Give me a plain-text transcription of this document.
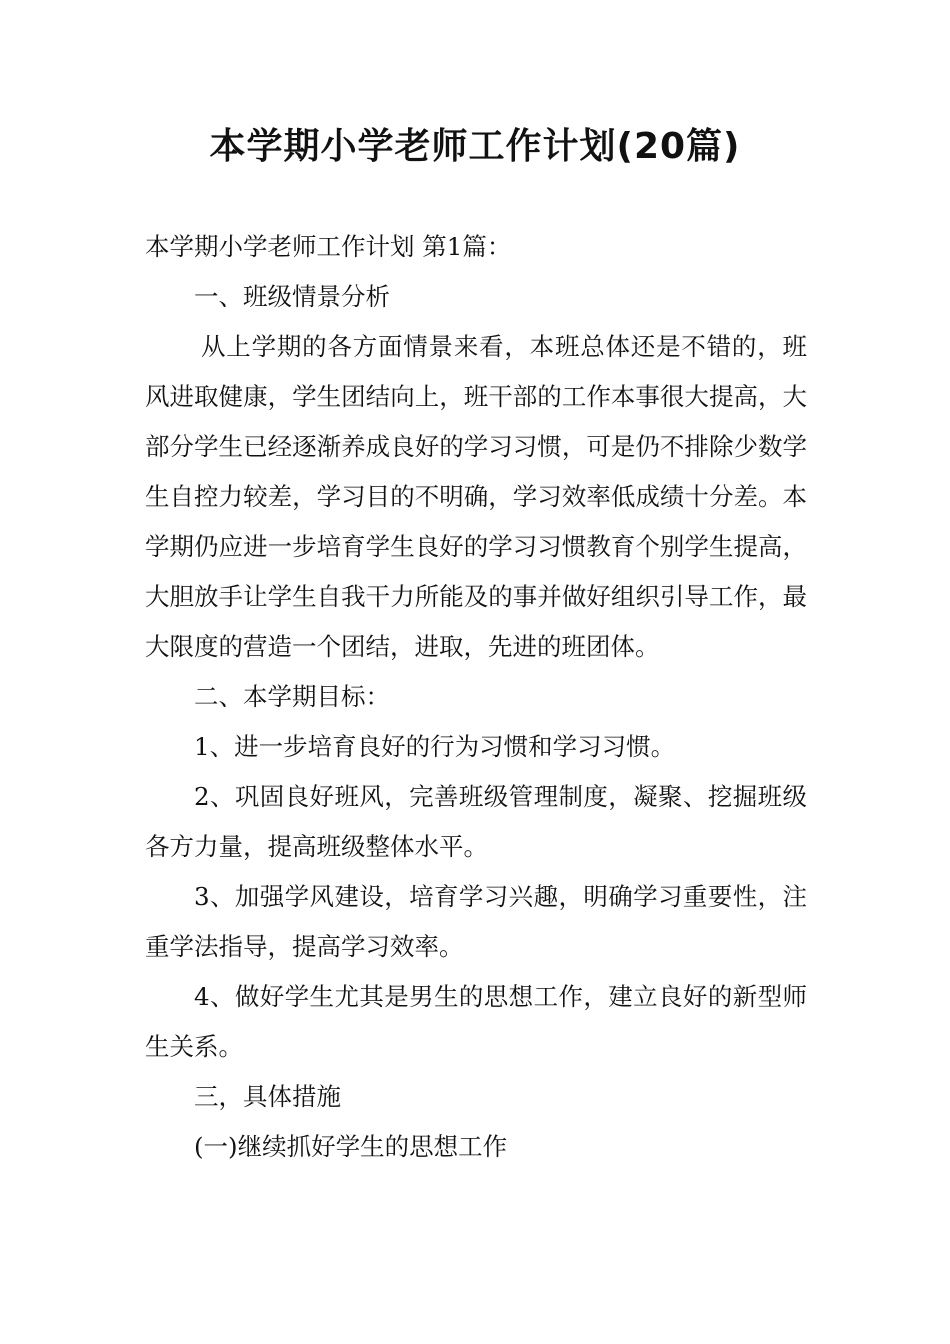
本学期小学老师工作计划(20篇)

本学期小学老师工作计划 第1篇：

一、班级情景分析

从上学期的各方面情景来看，本班总体还是不错的，班风进取健康，学生团结向上，班干部的工作本事很大提高，大部分学生已经逐渐养成良好的学习习惯，可是仍不排除少数学生自控力较差，学习目的不明确，学习效率低成绩十分差。本学期仍应进一步培育学生良好的学习习惯教育个别学生提高，大胆放手让学生自我干力所能及的事并做好组织引导工作，最大限度的营造一个团结，进取，先进的班团体。

二、本学期目标：

1、进一步培育良好的行为习惯和学习习惯。

2、巩固良好班风，完善班级管理制度，凝聚、挖掘班级各方力量，提高班级整体水平。

3、加强学风建设，培育学习兴趣，明确学习重要性，注重学法指导，提高学习效率。

4、做好学生尤其是男生的思想工作，建立良好的新型师生关系。

三，具体措施

(一)继续抓好学生的思想工作
